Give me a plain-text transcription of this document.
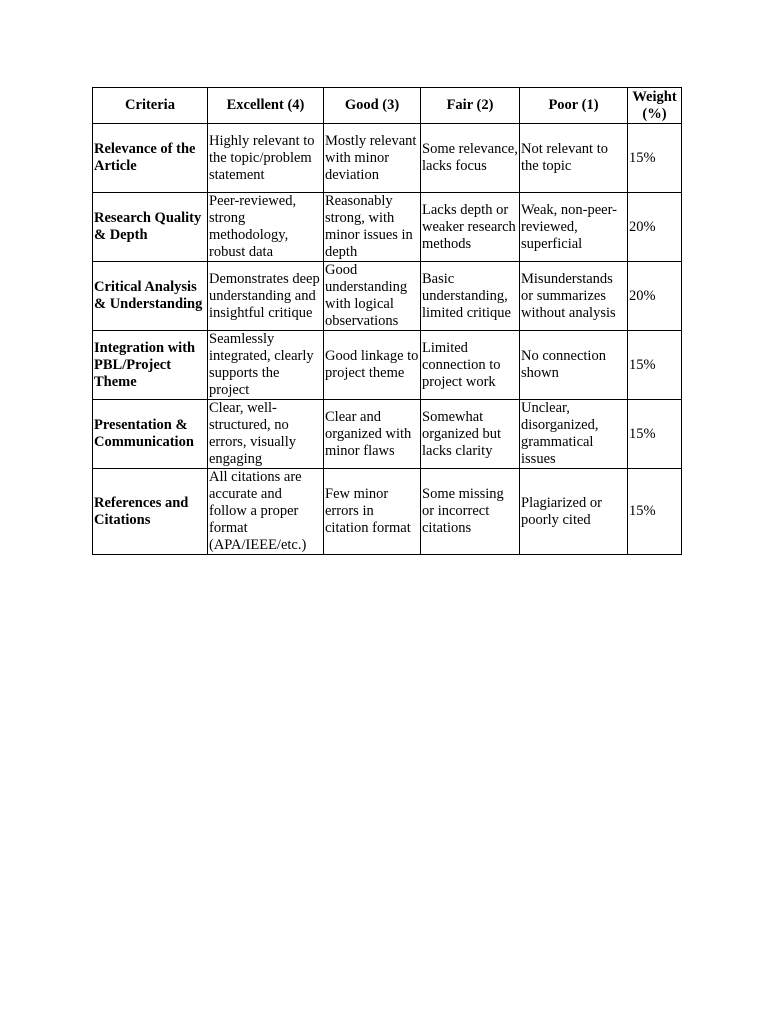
Criteria	Excellent (4)	Good (3)	Fair (2)	Poor (1)	Weight (%)
Relevance of the Article	Highly relevant to the topic/problem statement	Mostly relevant with minor deviation	Some relevance, lacks focus	Not relevant to the topic	15%
Research Quality & Depth	Peer-reviewed, strong methodology, robust data	Reasonably strong, with minor issues in depth	Lacks depth or weaker research methods	Weak, non-peer-reviewed, superficial	20%
Critical Analysis & Understanding	Demonstrates deep understanding and insightful critique	Good understanding with logical observations	Basic understanding, limited critique	Misunderstands or summarizes without analysis	20%
Integration with PBL/Project Theme	Seamlessly integrated, clearly supports the project	Good linkage to project theme	Limited connection to project work	No connection shown	15%
Presentation & Communication	Clear, well-structured, no errors, visually engaging	Clear and organized with minor flaws	Somewhat organized but lacks clarity	Unclear, disorganized, grammatical issues	15%
References and Citations	All citations are accurate and follow a proper format (APA/IEEE/etc.)	Few minor errors in citation format	Some missing or incorrect citations	Plagiarized or poorly cited	15%
